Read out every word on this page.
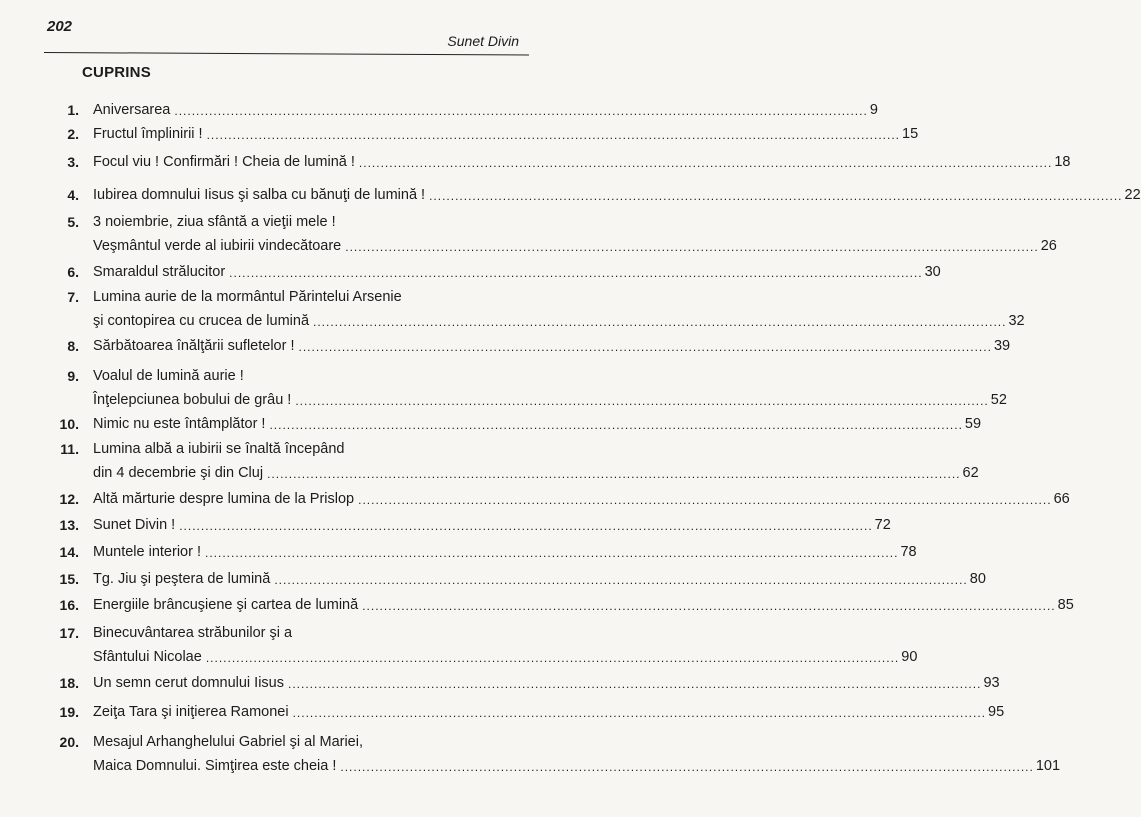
202
Sunet Divin
CUPRINS
1. Aniversarea ................................................................................................................................................................ 9
2. Fructul împlinirii ! ................................................................................................................................................................ 15
3. Focul viu ! Confirmări ! Cheia de lumină ! ................................................................................................................................................................ 18
4. Iubirea domnului Iisus şi salba cu bănuţi de lumină ! ................................................................................................................................................................ 22
5. 3 noiembrie, ziua sfântă a vieţii mele !
Veşmântul verde al iubirii vindecătoare ................................................................................................................................................................ 26
6. Smaraldul strălucitor ................................................................................................................................................................ 30
7. Lumina aurie de la mormântul Părintelui Arsenie
şi contopirea cu crucea de lumină ................................................................................................................................................................ 32
8. Sărbătoarea înălţării sufletelor ! ................................................................................................................................................................ 39
9. Voalul de lumină aurie !
Înţelepciunea bobului de grâu ! ................................................................................................................................................................ 52
10. Nimic nu este întâmplător ! ................................................................................................................................................................ 59
11. Lumina albă a iubirii se înaltă începând
din 4 decembrie şi din Cluj ................................................................................................................................................................ 62
12. Altă mărturie despre lumina de la Prislop ................................................................................................................................................................ 66
13. Sunet Divin ! ................................................................................................................................................................ 72
14. Muntele interior ! ................................................................................................................................................................ 78
15. Tg. Jiu şi peştera de lumină ................................................................................................................................................................ 80
16. Energiile brâncuşiene şi cartea de lumină ................................................................................................................................................................ 85
17. Binecuvântarea străbunilor şi a
Sfântului Nicolae ................................................................................................................................................................ 90
18. Un semn cerut domnului Iisus ................................................................................................................................................................ 93
19. Zeiţa Tara şi iniţierea Ramonei ................................................................................................................................................................ 95
20. Mesajul Arhanghelului Gabriel şi al Mariei,
Maica Domnului. Simţirea este cheia ! ................................................................................................................................................................ 101
